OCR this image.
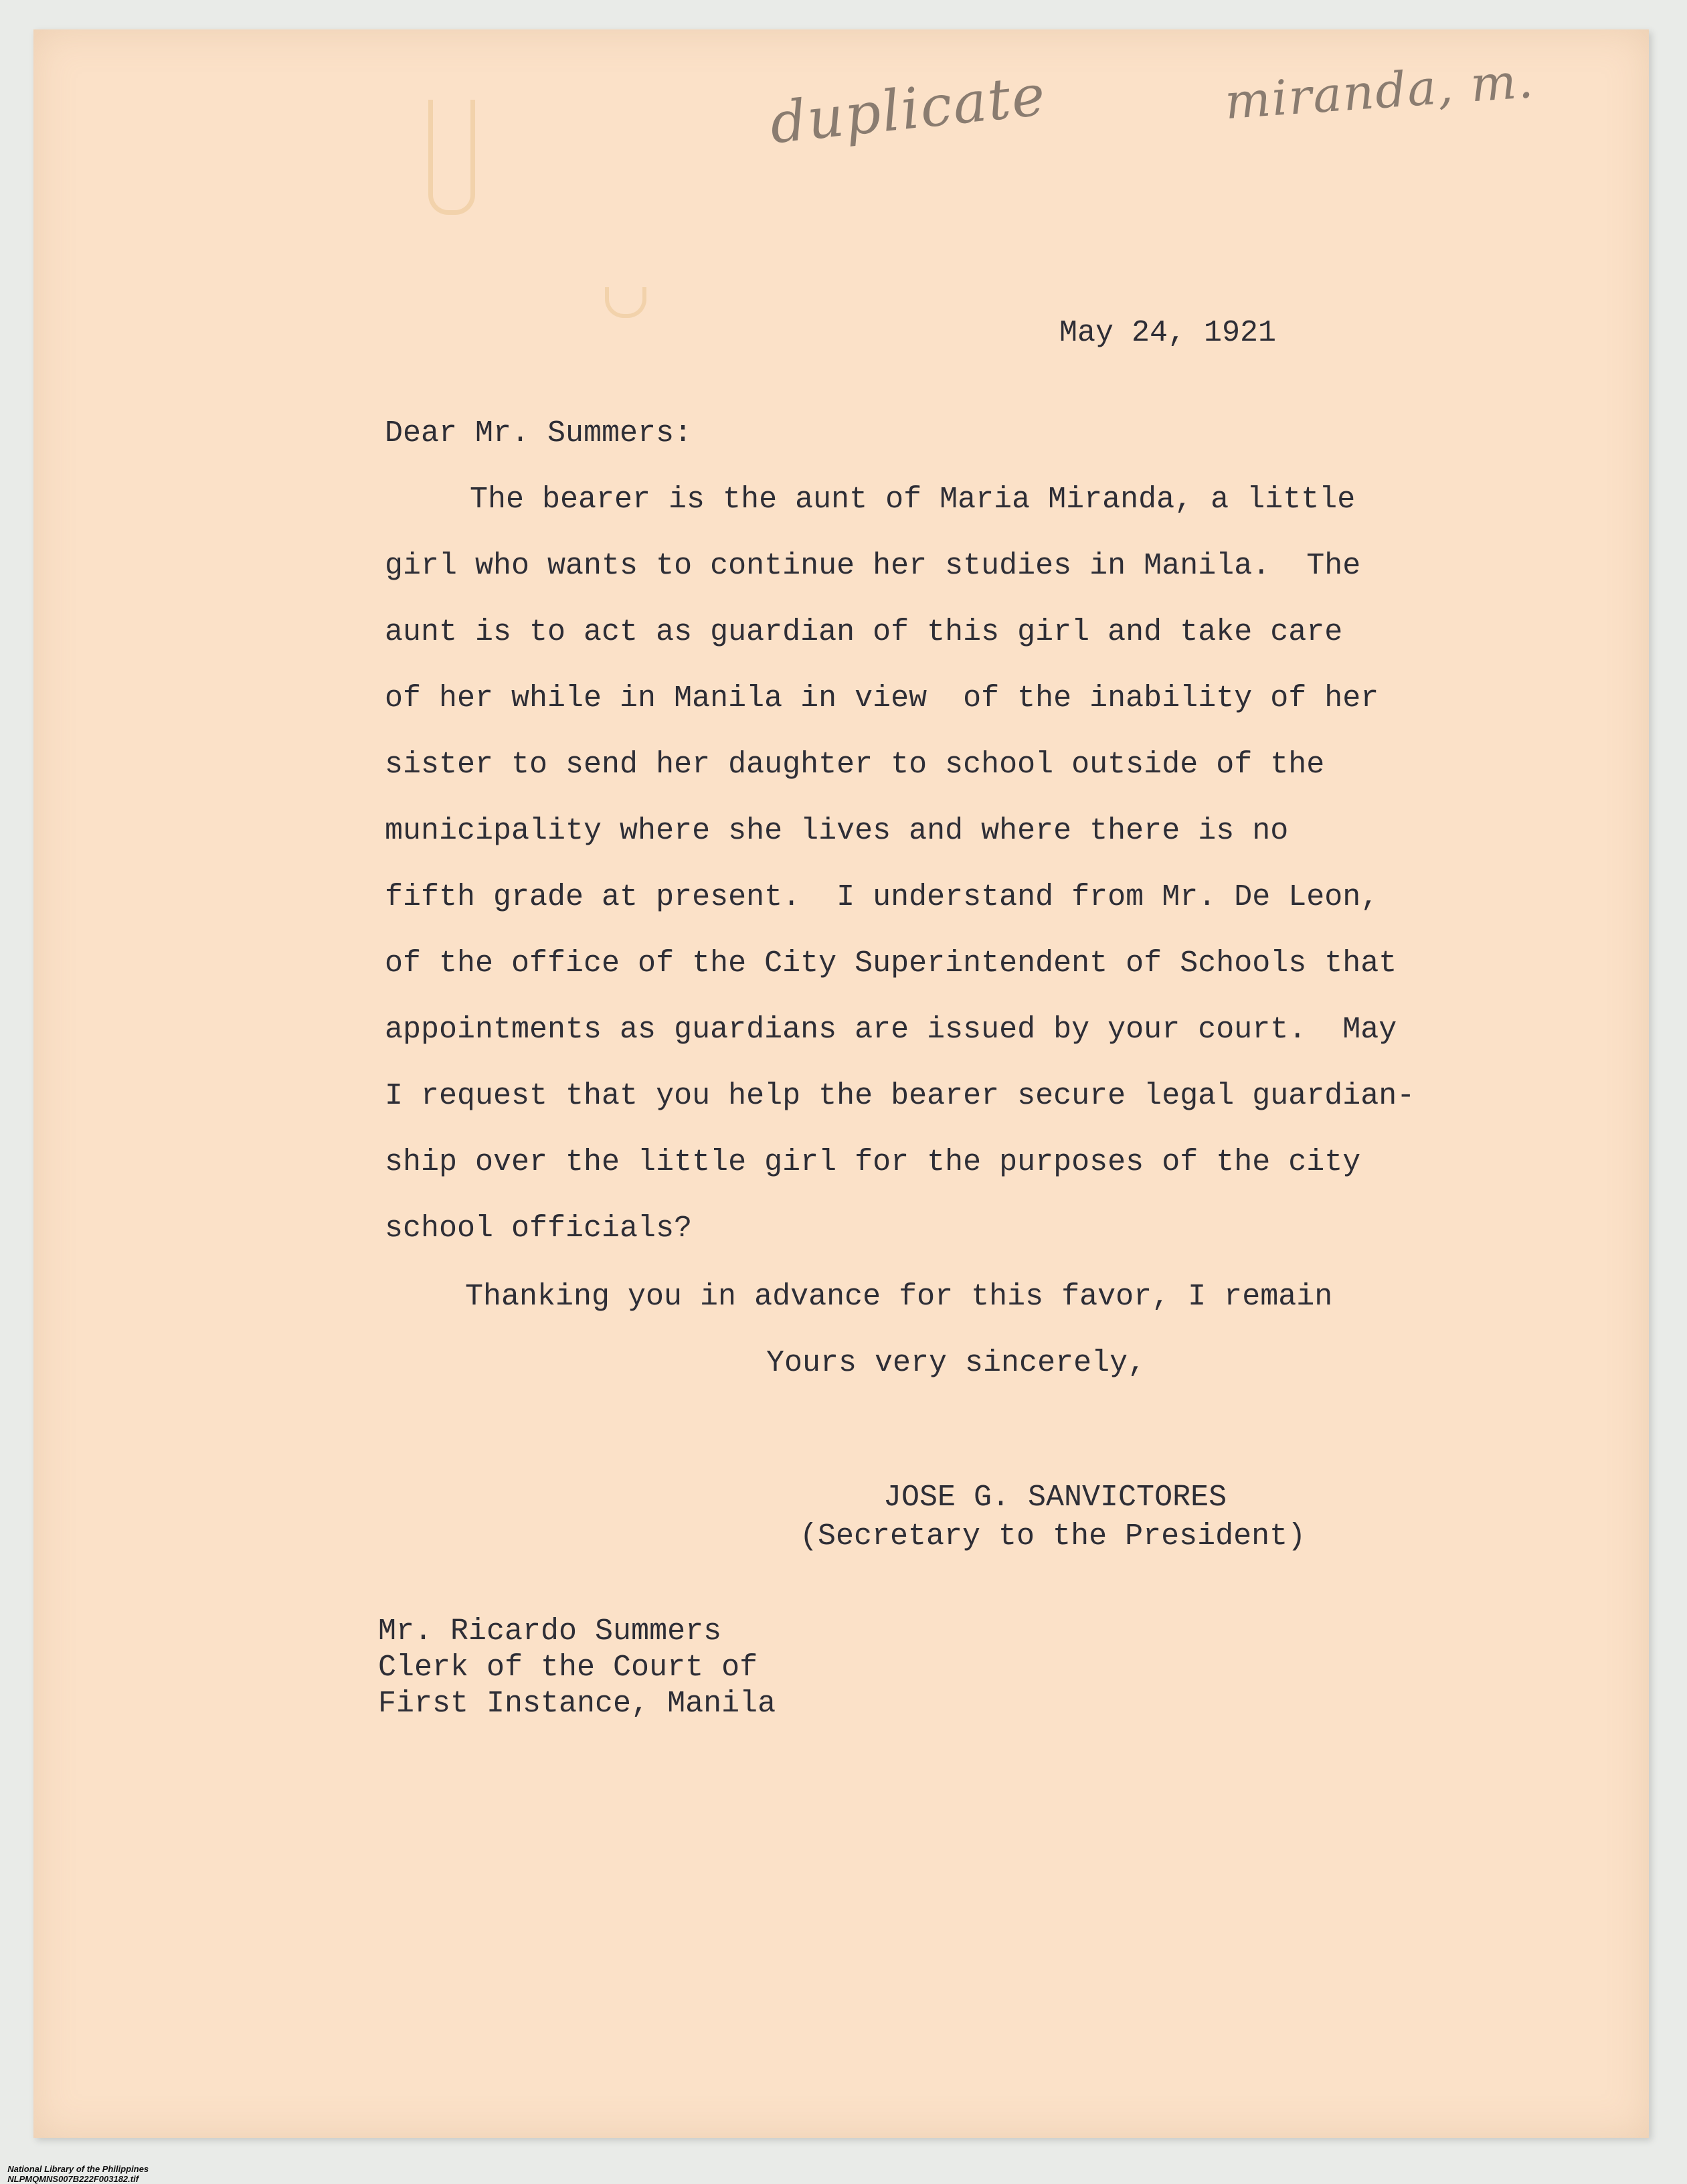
duplicate	miranda, m.
May 24, 1921
Dear Mr. Summers:

The bearer is the aunt of Maria Miranda, a little

girl who wants to continue her studies in Manila.  The

aunt is to act as guardian of this girl and take care

of her while in Manila in view  of the inability of her

sister to send her daughter to school outside of the

municipality where she lives and where there is no

fifth grade at present.  I understand from Mr. De Leon,

of the office of the City Superintendent of Schools that

appointments as guardians are issued by your court.  May

I request that you help the bearer secure legal guardian-

ship over the little girl for the purposes of the city

school officials?

Thanking you in advance for this favor, I remain
Yours very sincerely,
JOSE G. SANVICTORES
(Secretary to the President)
Mr. Ricardo Summers
Clerk of the Court of
First Instance, Manila

National Library of the Philippines
NLPMQMNS007B222F003182.tif
